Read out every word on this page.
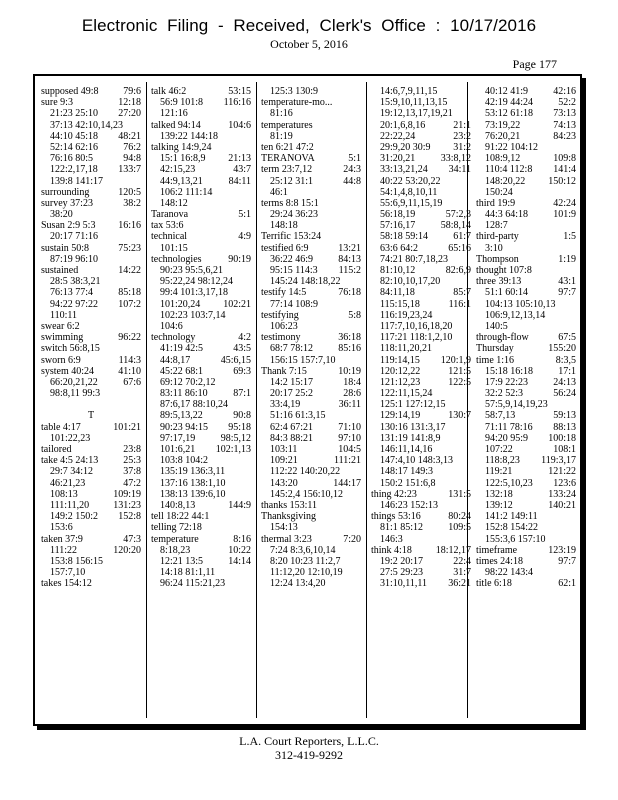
Electronic  Filing  -  Received,  Clerk's  Office  :  10/17/2016
October 5, 2016
Page 177
supposed 49:8 79:6
sure 9:3	12:18
21:23 25:10 27:20
37:13 42:10,14,23
44:10 45:18 48:21
52:14 62:16	76:2
76:16 80:5	94:8
122:2,17,18 133:7
139:8 141:17
surrounding	120:5
survey 37:23	38:2
38:20
Susan 2:9 5:3 16:16
20:17 71:16
sustain 50:8	75:23
87:19 96:10
sustained	14:22
28:5 38:3,21
76:13 77:4	85:18
94:22 97:22 107:2
110:11
swear 6:2
swimming	96:22
switch 56:8,15
sworn 6:9	114:3
system 40:24 41:10
66:20,21,22	67:6
98:8,11 99:3
T
table 4:17	101:21
101:22,23
tailored	23:8
take 4:5 24:13	25:3
29:7 34:12	37:8
46:21,23	47:2
108:13	109:19
111:11,20 131:23
149:2 150:2 152:8
153:6
taken 37:9	47:3
111:22	120:20
153:8 156:15
157:7,10
takes 154:12
talk 46:2	53:15
56:9 101:8 116:16
121:16
talked 94:14	104:6
139:22 144:18
talking 14:9,24
15:1 16:8,9 21:13
42:15,23	43:7
44:9,13,21	84:11
106:2 111:14
148:12
Taranova	5:1
tax 53:6
technical	4:9
101:15
technologies	90:19
90:23 95:5,6,21
95:22,24 98:12,24
99:4 101:3,17,18
101:20,24 102:21
102:23 103:7,14
104:6
technology	4:2
41:19 42:5	43:5
44:8,17	45:6,15
45:22 68:1	69:3
69:12 70:2,12
83:11 86:10	87:1
87:6,17 88:10,24
89:5,13,22	90:8
90:23 94:15 95:18
97:17,19	98:5,12
101:6,21 102:1,13
103:8 104:2
135:19 136:3,11
137:16 138:1,10
138:13 139:6,10
140:8,13	144:9
tell 18:22 44:1
telling 72:18
temperature	8:16
8:18,23	10:22
12:21 13:5	14:14
14:18 81:1,11
96:24 115:21,23
125:3 130:9
temperature-mo...
81:16
temperatures
81:19
ten 6:21 47:2
TERANOVA	5:1
term 23:7,12	24:3
25:12 31:1	44:8
46:1
terms 8:8 15:1
29:24 36:23
148:18
Terrific 153:24
testified 6:9	13:21
36:22 46:9	84:13
95:15 114:3 115:2
145:24 148:18,22
testify 14:5	76:18
77:14 108:9
testifying	5:8
106:23
testimony	36:18
68:7 78:12	85:16
156:15 157:7,10
Thank 7:15	10:19
14:2 15:17	18:4
20:17 25:2	28:6
33:4,19	36:11
51:16 61:3,15
62:4 67:21	71:10
84:3 88:21	97:10
103:11	104:5
109:21	111:21
112:22 140:20,22
143:20	144:17
145:2,4 156:10,12
thanks 153:11
Thanksgiving
154:13
thermal 3:23	7:20
7:24 8:3,6,10,14
8:20 10:23 11:2,7
11:12,20 12:10,19
12:24 13:4,20
14:6,7,9,11,15
15:9,10,11,13,15
19:12,13,17,19,21
20:1,6,8,16	21:1
22:22,24	23:2
29:9,20 30:9 31:2
31:20,21	33:8,12
33:13,21,24 34:11
40:22 53:20,22
54:1,4,8,10,11
55:6,9,11,15,19
56:18,19	57:2,3
57:16,17	58:8,14
58:18 59:14	61:7
63:6 64:2	65:16
74:21 80:7,18,23
81:10,12	82:6,9
82:10,10,17,20
84:11,18	85:7
115:15,18	116:1
116:19,23,24
117:7,10,16,18,20
117:21 118:1,2,10
118:11,20,21
119:14,15 120:1,9
120:12,22	121:5
121:12,23	122:5
122:11,15,24
125:1 127:12,15
129:14,19	130:7
130:16 131:3,17
131:19 141:8,9
146:11,14,16
147:4,10 148:3,13
148:17 149:3
150:2 151:6,8
thing 42:23	131:5
146:23 152:13
things 53:16	80:24
81:1 85:12	109:5
146:3
think 4:18 18:12,17
19:2 20:17	22:4
27:5 29:23	31:7
31:10,11,11 36:21
40:12 41:9	42:16
42:19 44:24	52:2
53:12 61:18 73:13
73:19,22	74:13
76:20,21	84:23
91:22 104:12
108:9,12	109:8
110:4 112:8 141:4
148:20,22 150:12
150:24
third 19:9	42:24
44:3 64:18	101:9
128:7
third-party	1:5
3:10
Thompson	1:19
thought 107:8
three 39:13	43:1
51:1 60:14	97:7
104:13 105:10,13
106:9,12,13,14
140:5
through-flow	67:5
Thursday	155:20
time 1:16	8:3,5
15:18 16:18	17:1
17:9 22:23	24:13
32:2 52:3	56:24
57:5,9,14,19,23
58:7,13	59:13
71:11 78:16 88:13
94:20 95:9 100:18
107:22	108:1
118:8,23 119:3,17
119:21	121:22
122:5,10,23 123:6
132:18	133:24
139:12	140:21
141:2 149:11
152:8 154:22
155:3,6 157:10
timeframe	123:19
times 24:18	97:7
98:22 143:4
title 6:18	62:1
L.A. Court Reporters, L.L.C.
312-419-9292
